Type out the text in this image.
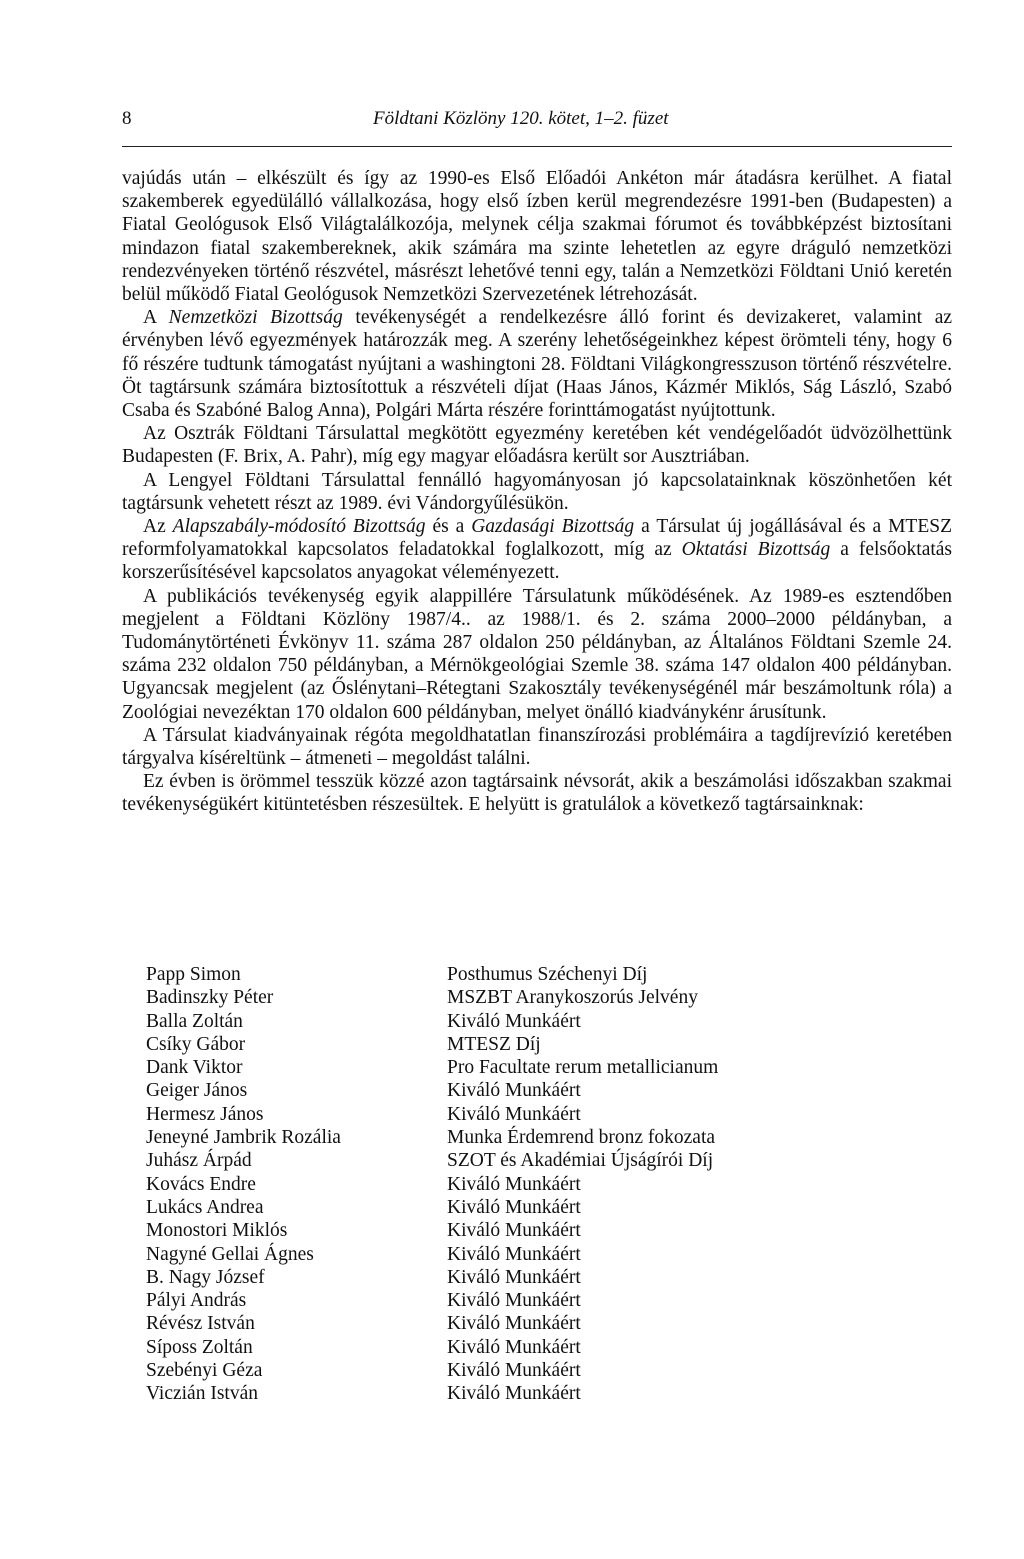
8	Földtani Közlöny 120. kötet, 1–2. füzet

vajúdás után – elkészült és így az 1990-es Első Előadói Ankéton már átadásra kerülhet. A fiatal szakemberek egyedülálló vállalkozása, hogy első ízben kerül megrendezésre 1991-ben (Budapesten) a Fiatal Geológusok Első Világtalálkozója, melynek célja szakmai fórumot és továbbképzést biztosítani mindazon fiatal szakembereknek, akik számára ma szinte lehetetlen az egyre dráguló nemzetközi rendezvényeken történő részvétel, másrészt lehetővé tenni egy, talán a Nemzetközi Földtani Unió keretén belül működő Fiatal Geológusok Nemzetközi Szervezetének létrehozását.

A Nemzetközi Bizottság tevékenységét a rendelkezésre álló forint és devizakeret, valamint az érvényben lévő egyezmények határozzák meg. A szerény lehetőségeinkhez képest örömteli tény, hogy 6 fő részére tudtunk támogatást nyújtani a washingtoni 28. Földtani Világkongresszuson történő részvételre. Öt tagtársunk számára biztosítottuk a részvételi díjat (Haas János, Kázmér Miklós, Ság László, Szabó Csaba és Szabóné Balog Anna), Polgári Márta részére forinttámogatást nyújtottunk.

Az Osztrák Földtani Társulattal megkötött egyezmény keretében két vendégelőadót üdvözölhettünk Budapesten (F. Brix, A. Pahr), míg egy magyar előadásra került sor Ausztriában.

A Lengyel Földtani Társulattal fennálló hagyományosan jó kapcsolatainknak köszönhetően két tagtársunk vehetett részt az 1989. évi Vándorgyűlésükön.

Az Alapszabály-módosító Bizottság és a Gazdasági Bizottság a Társulat új jogállásával és a MTESZ reformfolyamatokkal kapcsolatos feladatokkal foglalkozott, míg az Oktatási Bizottság a felsőoktatás korszerűsítésével kapcsolatos anyagokat véleményezett.

A publikációs tevékenység egyik alappillére Társulatunk működésének. Az 1989-es esztendőben megjelent a Földtani Közlöny 1987/4.. az 1988/1. és 2. száma 2000–2000 példányban, a Tudománytörténeti Évkönyv 11. száma 287 oldalon 250 példányban, az Általános Földtani Szemle 24. száma 232 oldalon 750 példányban, a Mérnökgeológiai Szemle 38. száma 147 oldalon 400 példányban. Ugyancsak megjelent (az Őslénytani–Rétegtani Szakosztály tevékenységénél már beszámoltunk róla) a Zoológiai nevezéktan 170 oldalon 600 példányban, melyet önálló kiadványkénr árusítunk.

A Társulat kiadványainak régóta megoldhatatlan finanszírozási problémáira a tagdíjrevízió keretében tárgyalva kíséreltünk – átmeneti – megoldást találni.

Ez évben is örömmel tesszük közzé azon tagtársaink névsorát, akik a beszámolási időszakban szakmai tevékenységükért kitüntetésben részesültek. E helyütt is gratulálok a következő tagtársainknak:

Papp Simon	Posthumus Széchenyi Díj
Badinszky Péter	MSZBT Aranykoszorús Jelvény
Balla Zoltán	Kiváló Munkáért
Csíky Gábor	MTESZ Díj
Dank Viktor	Pro Facultate rerum metallicianum
Geiger János	Kiváló Munkáért
Hermesz János	Kiváló Munkáért
Jeneyné Jambrik Rozália	Munka Érdemrend bronz fokozata
Juhász Árpád	SZOT és Akadémiai Újságírói Díj
Kovács Endre	Kiváló Munkáért
Lukács Andrea	Kiváló Munkáért
Monostori Miklós	Kiváló Munkáért
Nagyné Gellai Ágnes	Kiváló Munkáért
B. Nagy József	Kiváló Munkáért
Pályi András	Kiváló Munkáért
Révész István	Kiváló Munkáért
Síposs Zoltán	Kiváló Munkáért
Szebényi Géza	Kiváló Munkáért
Viczián István	Kiváló Munkáért
